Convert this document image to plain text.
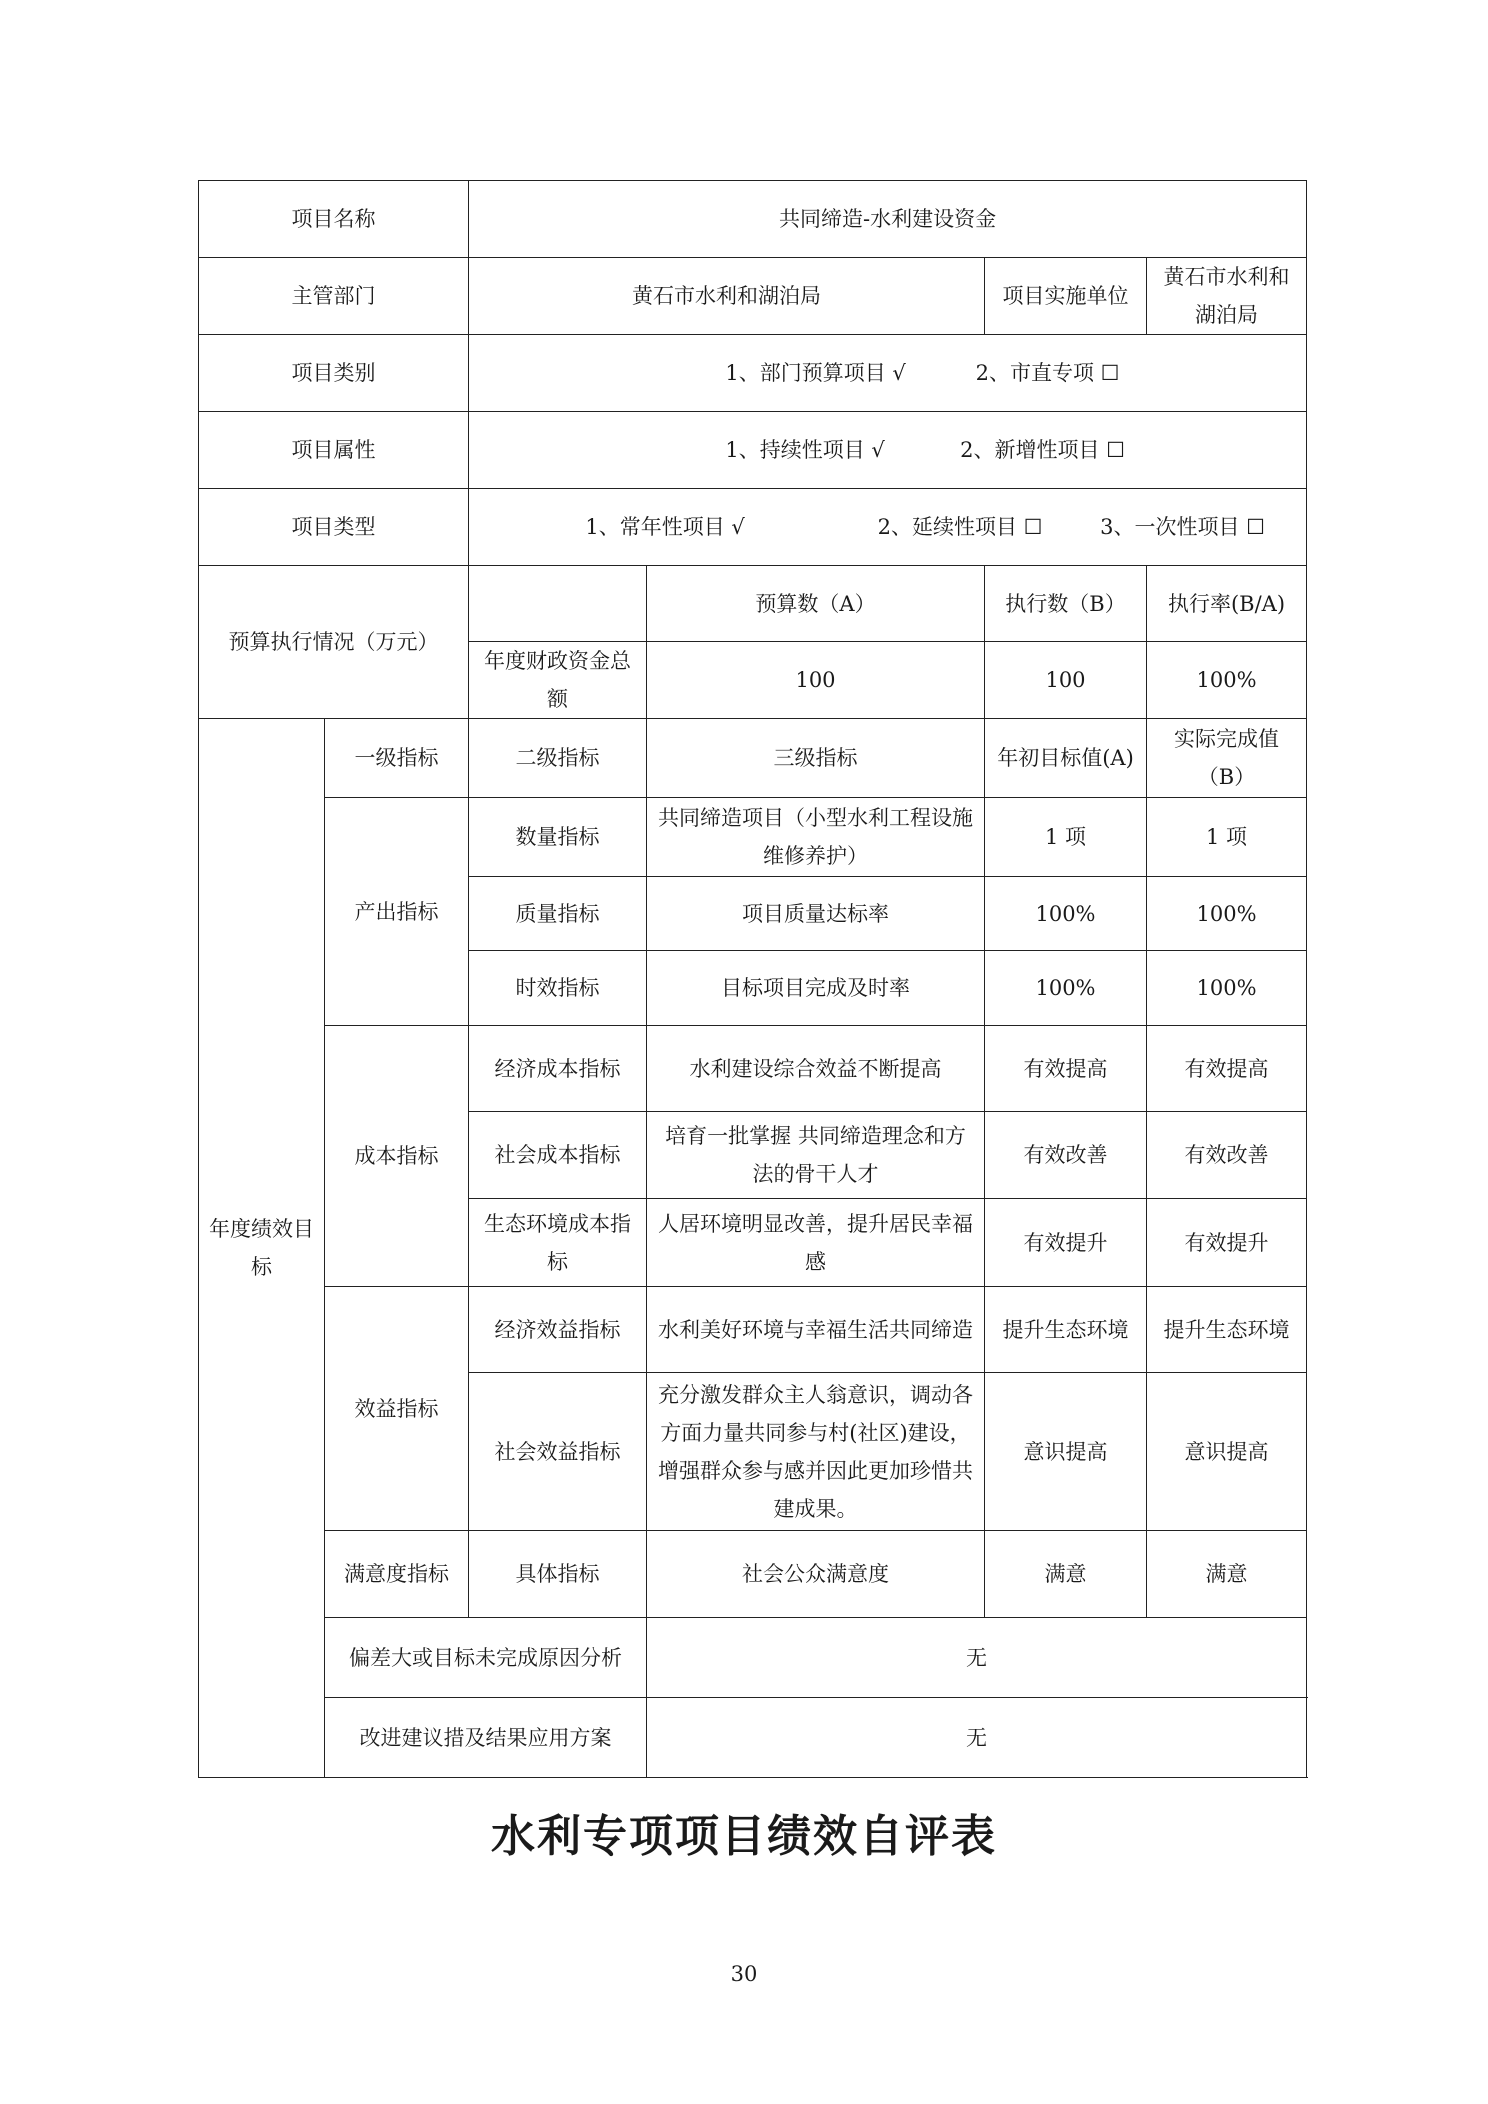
项目名称		共同缔造-水利建设资金			
主管部门		黄石市水利和湖泊局		项目实施单位	黄石市水利和湖泊局
项目类别		1、部门预算项目 √ 2、市直专项 ☐			
项目属性		1、持续性项目 √ 2、新增性项目 ☐			
项目类型		1、常年性项目 √ 2、延续性项目 ☐ 3、一次性项目 ☐			
预算执行情况（万元）			预算数（A）	执行数（B）	执行率(B/A)
		年度财政资金总额	100	100	100%
年度绩效目标	一级指标	二级指标	三级指标	年初目标值(A)	实际完成值（B）
	产出指标	数量指标	共同缔造项目（小型水利工程设施维修养护）	1 项	1 项
		质量指标	项目质量达标率	100%	100%
		时效指标	目标项目完成及时率	100%	100%
	成本指标	经济成本指标	水利建设综合效益不断提高	有效提高	有效提高
		社会成本指标	培育一批掌握 共同缔造理念和方法的骨干人才	有效改善	有效改善
		生态环境成本指标	人居环境明显改善，提升居民幸福感	有效提升	有效提升
	效益指标	经济效益指标	水利美好环境与幸福生活共同缔造	提升生态环境	提升生态环境
		社会效益指标	充分激发群众主人翁意识，调动各方面力量共同参与村(社区)建设，增强群众参与感并因此更加珍惜共建成果。	意识提高	意识提高
	满意度指标	具体指标	社会公众满意度	满意	满意
	偏差大或目标未完成原因分析		无		
	改进建议措及结果应用方案		无		
水利专项项目绩效自评表
30
